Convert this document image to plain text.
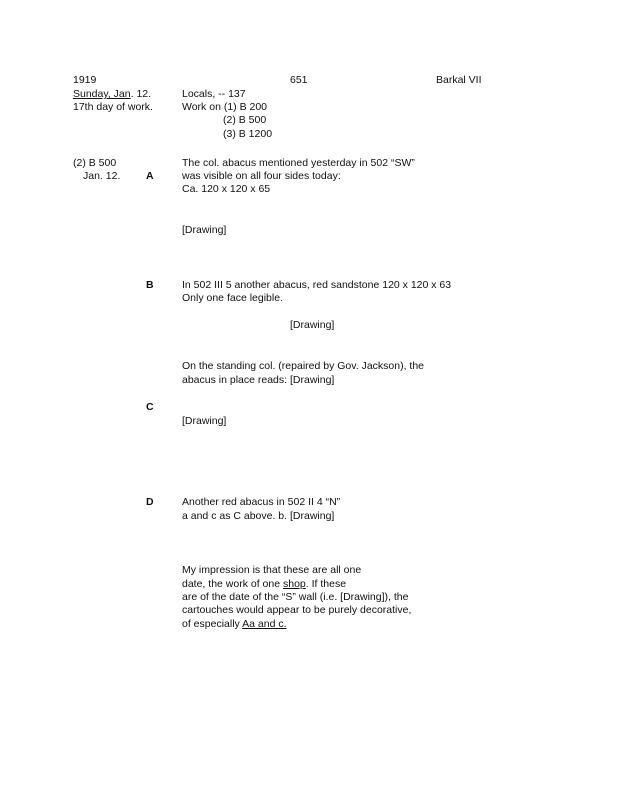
1919	651	Barkal VII
Sunday, Jan. 12.
17th day of work.
Locals, -- 137
Work on (1) B 200
(2) B 500
(3) B 1200
(2) B 500
Jan. 12. A
The col. abacus mentioned yesterday in 502 “SW”
was visible on all four sides today:
Ca. 120 x 120 x 65
[Drawing]
B	In 502 III 5 another abacus, red sandstone 120 x 120 x 63
Only one face legible.
[Drawing]
On the standing col. (repaired by Gov. Jackson), the
abacus in place reads: [Drawing]
C
[Drawing]
D	Another red abacus in 502 II 4 “N”
a and c as C above. b. [Drawing]
My impression is that these are all one
date, the work of one shop. If these
are of the date of the “S” wall (i.e. [Drawing]), the
cartouches would appear to be purely decorative,
of especially Aa and c.
